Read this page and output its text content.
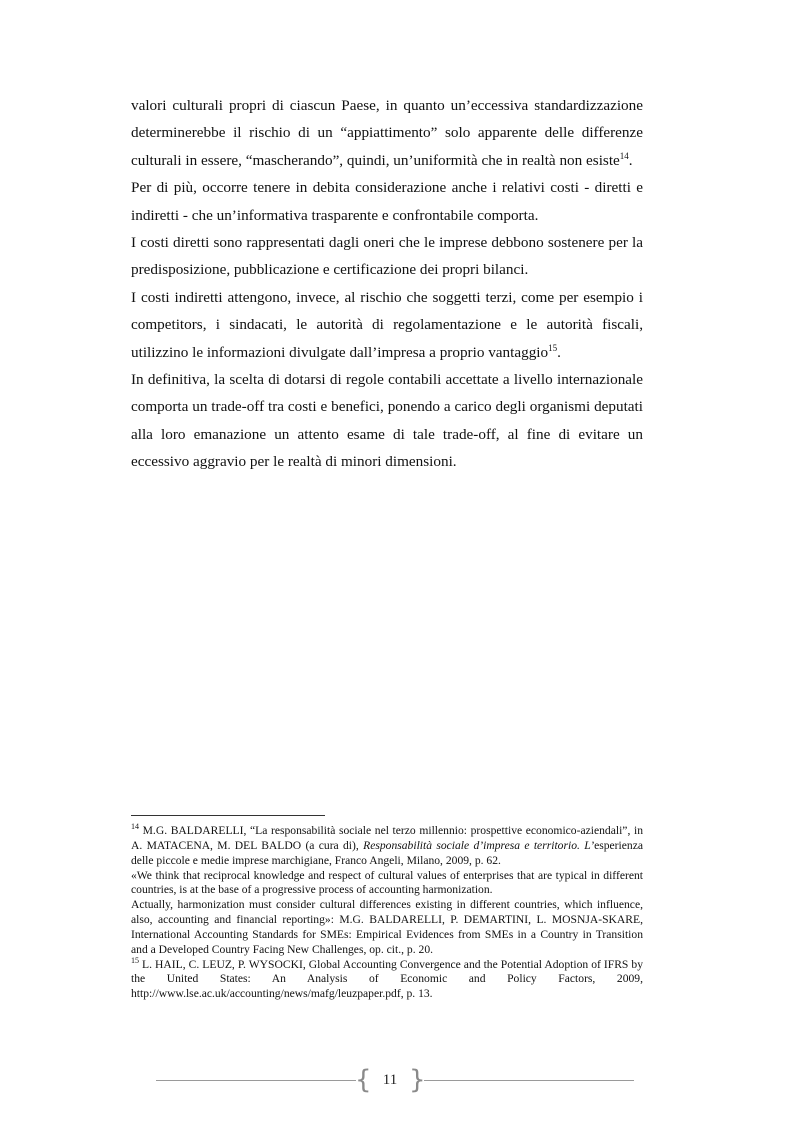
valori culturali propri di ciascun Paese, in quanto un’eccessiva standardizzazione determinerebbe il rischio di un “appiattimento” solo apparente delle differenze culturali in essere, “mascherando”, quindi, un’uniformità che in realtà non esiste$^{14}$.

Per di più, occorre tenere in debita considerazione anche i relativi costi - diretti e indiretti - che un’informativa trasparente e confrontabile comporta.

I costi diretti sono rappresentati dagli oneri che le imprese debbono sostenere per la predisposizione, pubblicazione e certificazione dei propri bilanci.

I costi indiretti attengono, invece, al rischio che soggetti terzi, come per esempio i competitors, i sindacati, le autorità di regolamentazione e le autorità fiscali, utilizzino le informazioni divulgate dall’impresa a proprio vantaggio$^{15}$.

In definitiva, la scelta di dotarsi di regole contabili accettate a livello internazionale comporta un trade-off tra costi e benefici, ponendo a carico degli organismi deputati alla loro emanazione un attento esame di tale trade-off, al fine di evitare un eccessivo aggravio per le realtà di minori dimensioni.

$^{14}$ M.G. BALDARELLI, “La responsabilità sociale nel terzo millennio: prospettive economico-aziendali”, in A. MATACENA, M. DEL BALDO (a cura di), Responsabilità sociale d’impresa e territorio. L’esperienza delle piccole e medie imprese marchigiane, Franco Angeli, Milano, 2009, p. 62.

«We think that reciprocal knowledge and respect of cultural values of enterprises that are typical in different countries, is at the base of a progressive process of accounting harmonization.

Actually, harmonization must consider cultural differences existing in different countries, which influence, also, accounting and financial reporting»: M.G. BALDARELLI, P. DEMARTINI, L. MOSNJA-SKARE, International Accounting Standards for SMEs: Empirical Evidences from SMEs in a Country in Transition and a Developed Country Facing New Challenges, op. cit., p. 20.

$^{15}$ L. HAIL, C. LEUZ, P. WYSOCKI, Global Accounting Convergence and the Potential Adoption of IFRS by the United States: An Analysis of Economic and Policy Factors, 2009, http://www.lse.ac.uk/accounting/news/mafg/leuzpaper.pdf, p. 13.

{ 11 }
